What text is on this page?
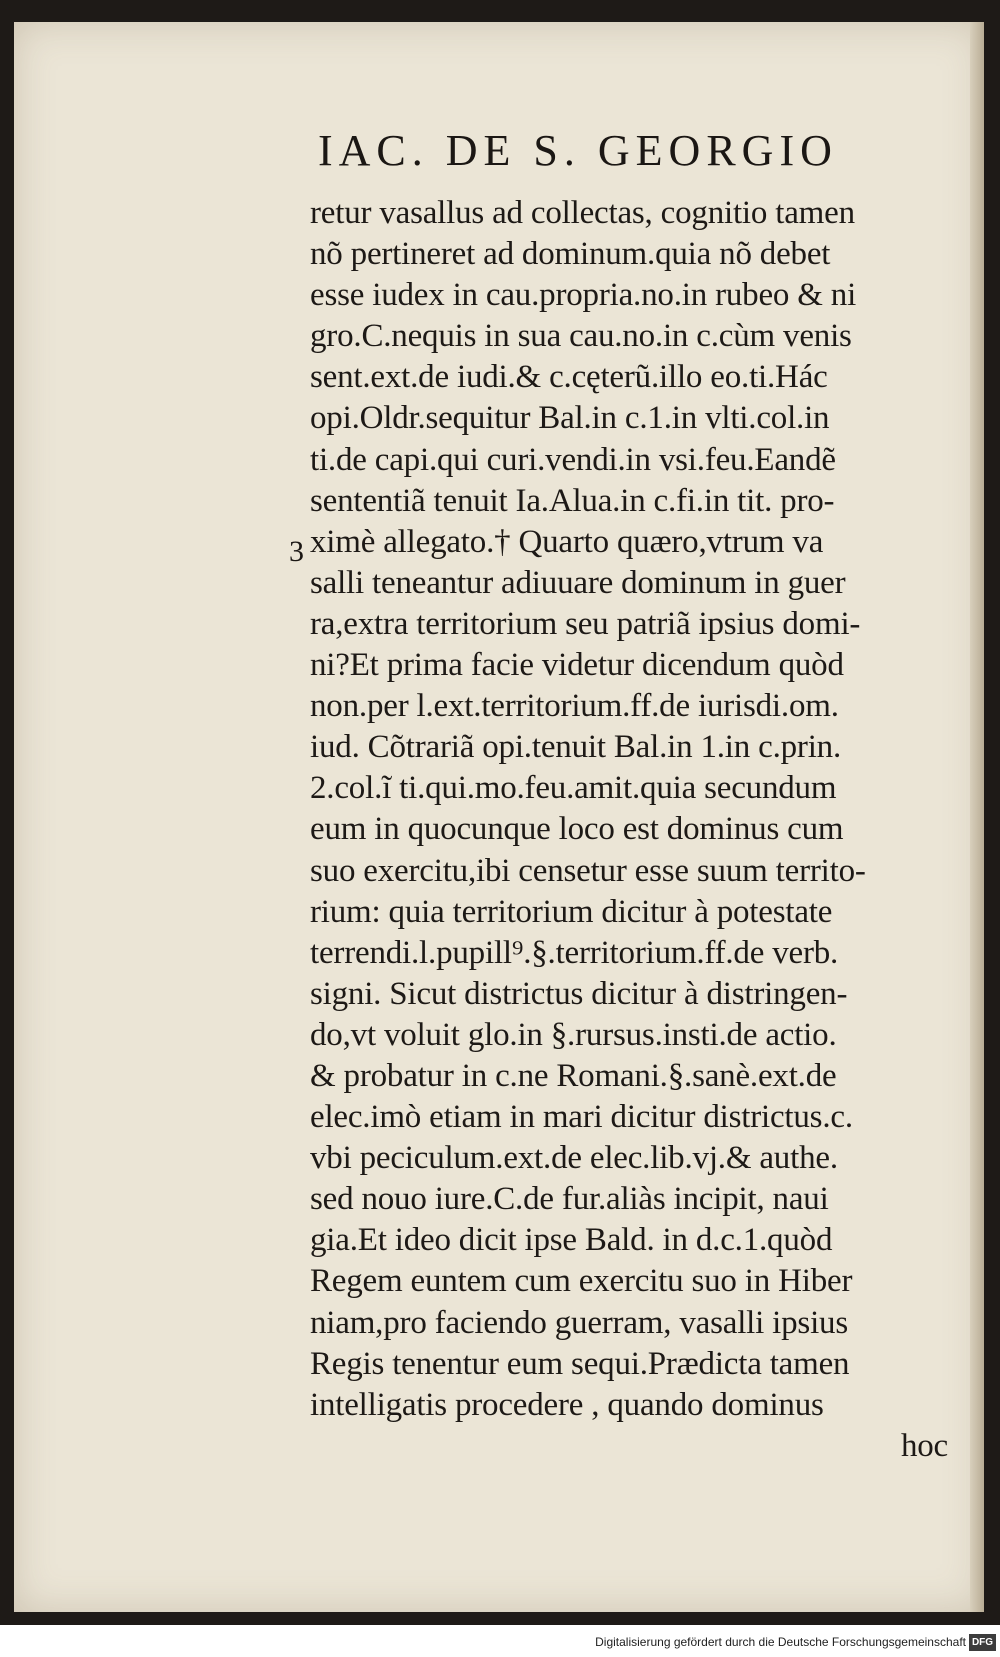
IAC. DE S. GEORGIO
3
retur vasallus ad collectas, cognitio tamen
nõ pertineret ad dominum.quia nõ debet
esse iudex in cau.propria.no.in rubeo & ni
gro.C.nequis in sua cau.no.in c.cùm venis
sent.ext.de iudi.& c.cęterũ.illo eo.ti.Hác
opi.Oldr.sequitur Bal.in c.1.in vlti.col.in
ti.de capi.qui curi.vendi.in vsi.feu.Eandẽ
sententiã tenuit Ia.Alua.in c.fi.in tit. pro-
ximè allegato.† Quarto quæro,vtrum va
salli teneantur adiuuare dominum in guer
ra,extra territorium seu patriã ipsius domi-
ni?Et prima facie videtur dicendum quòd
non.per l.ext.territorium.ff.de iurisdi.om.
iud. Cõtrariã opi.tenuit Bal.in 1.in c.prin.
2.col.ĩ ti.qui.mo.feu.amit.quia secundum
eum in quocunque loco est dominus cum
suo exercitu,ibi censetur esse suum territo-
rium: quia territorium dicitur à potestate
terrendi.l.pupill⁹.§.territorium.ff.de verb.
signi. Sicut districtus dicitur à distringen-
do,vt voluit glo.in §.rursus.insti.de actio.
& probatur in c.ne Romani.§.sanè.ext.de
elec.imò etiam in mari dicitur districtus.c.
vbi peciculum.ext.de elec.lib.vj.& authe.
sed nouo iure.C.de fur.aliàs incipit, naui
gia.Et ideo dicit ipse Bald. in d.c.1.quòd
Regem euntem cum exercitu suo in Hiber
niam,pro faciendo guerram, vasalli ipsius
Regis tenentur eum sequi.Prædicta tamen
intelligatis procedere , quando dominus
hoc
Digitalisierung gefördert durch die Deutsche Forschungsgemeinschaft DFG
